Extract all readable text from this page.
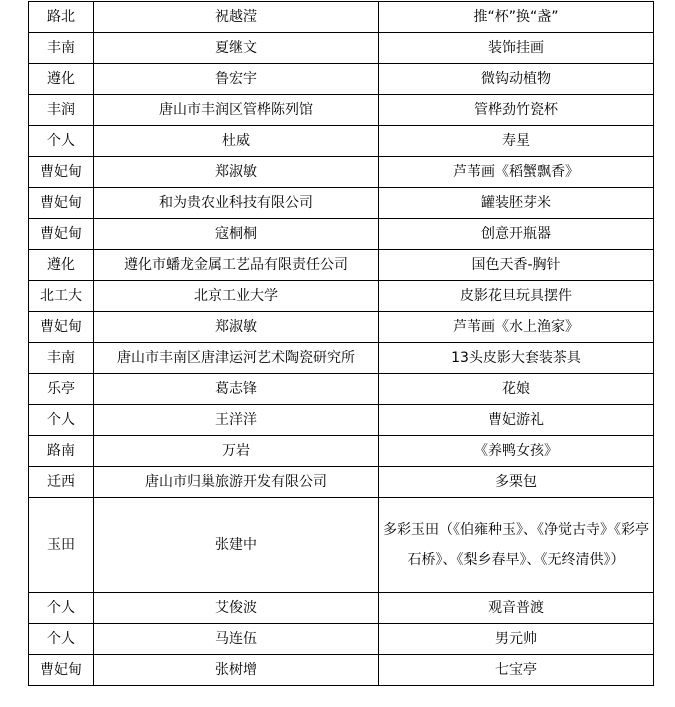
路北	祝越滢	推“杯”换“盏”
丰南	夏继文	装饰挂画
遵化	鲁宏宇	微钩动植物
丰润	唐山市丰润区管桦陈列馆	管桦劲竹瓷杯
个人	杜威	寿星
曹妃甸	郑淑敏	芦苇画《稻蟹飘香》
曹妃甸	和为贵农业科技有限公司	罐装胚芽米
曹妃甸	寇桐桐	创意开瓶器
遵化	遵化市蟠龙金属工艺品有限责任公司	国色天香-胸针
北工大	北京工业大学	皮影花旦玩具摆件
曹妃甸	郑淑敏	芦苇画《水上渔家》
丰南	唐山市丰南区唐津运河艺术陶瓷研究所	13头皮影大套装茶具
乐亭	葛志锋	花娘
个人	王洋洋	曹妃游礼
路南	万岩	《养鸭女孩》
迁西	唐山市归巢旅游开发有限公司	多栗包
玉田	张建中	多彩玉田（《伯雍种玉》、《净觉古寺》《彩亭石桥》、《梨乡春早》、《无终清供》）
个人	艾俊波	观音普渡
个人	马连伍	男元帅
曹妃甸	张树增	七宝亭
